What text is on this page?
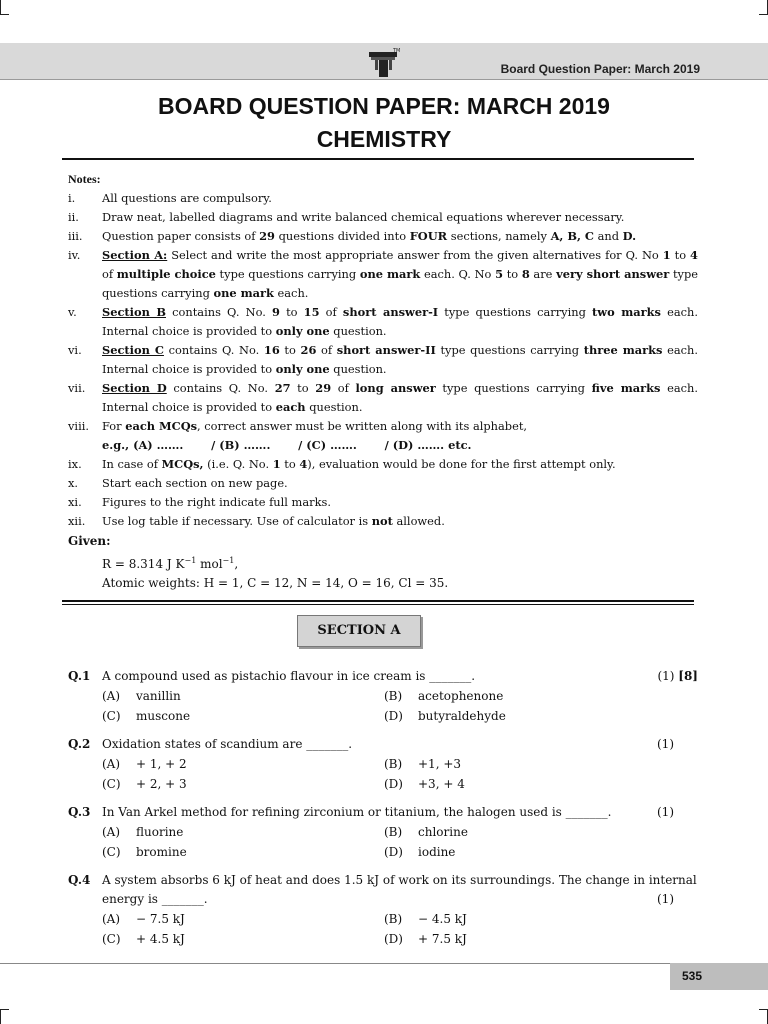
TM
Board Question Paper: March 2019
BOARD QUESTION PAPER: MARCH 2019
CHEMISTRY
Notes:
i.	All questions are compulsory.
ii.	Draw neat, labelled diagrams and write balanced chemical equations wherever necessary.
iii.	Question paper consists of 29 questions divided into FOUR sections, namely A, B, C and D.
iv.	Section A: Select and write the most appropriate answer from the given alternatives for Q. No 1 to 4 of multiple choice type questions carrying one mark each. Q. No 5 to 8 are very short answer type questions carrying one mark each.
v.	Section B contains Q. No. 9 to 15 of short answer-I type questions carrying two marks each. Internal choice is provided to only one question.
vi.	Section C contains Q. No. 16 to 26 of short answer-II type questions carrying three marks each. Internal choice is provided to only one question.
vii.	Section D contains Q. No. 27 to 29 of long answer type questions carrying five marks each. Internal choice is provided to each question.
viii.	For each MCQs, correct answer must be written along with its alphabet,
e.g., (A) …….       / (B) …….       / (C) …….       / (D) ……. etc.
ix.	In case of MCQs, (i.e. Q. No. 1 to 4), evaluation would be done for the first attempt only.
x.	Start each section on new page.
xi.	Figures to the right indicate full marks.
xii.	Use log table if necessary. Use of calculator is not allowed.
Given:
R = 8.314 J $K^{-1}$ mol$^{-1}$,
Atomic weights: H = 1, C = 12, N = 14, O = 16, Cl = 35.
SECTION A
Q.1 A compound used as pistachio flavour in ice cream is _______.	(1) [8]
(A)	vanillin	(B)	acetophenone
(C)	muscone	(D)	butyraldehyde
Q.2 Oxidation states of scandium are _______.	(1)
(A)	+ 1, + 2	(B)	+1, +3
(C)	+ 2, + 3	(D)	+3, + 4
Q.3 In Van Arkel method for refining zirconium or titanium, the halogen used is _______.	(1)
(A)	fluorine	(B)	chlorine
(C)	bromine	(D)	iodine
Q.4 A system absorbs 6 kJ of heat and does 1.5 kJ of work on its surroundings. The change in internal
energy is _______.	(1)
(A)	− 7.5 kJ	(B)	− 4.5 kJ
(C)	+ 4.5 kJ	(D)	+ 7.5 kJ
535
